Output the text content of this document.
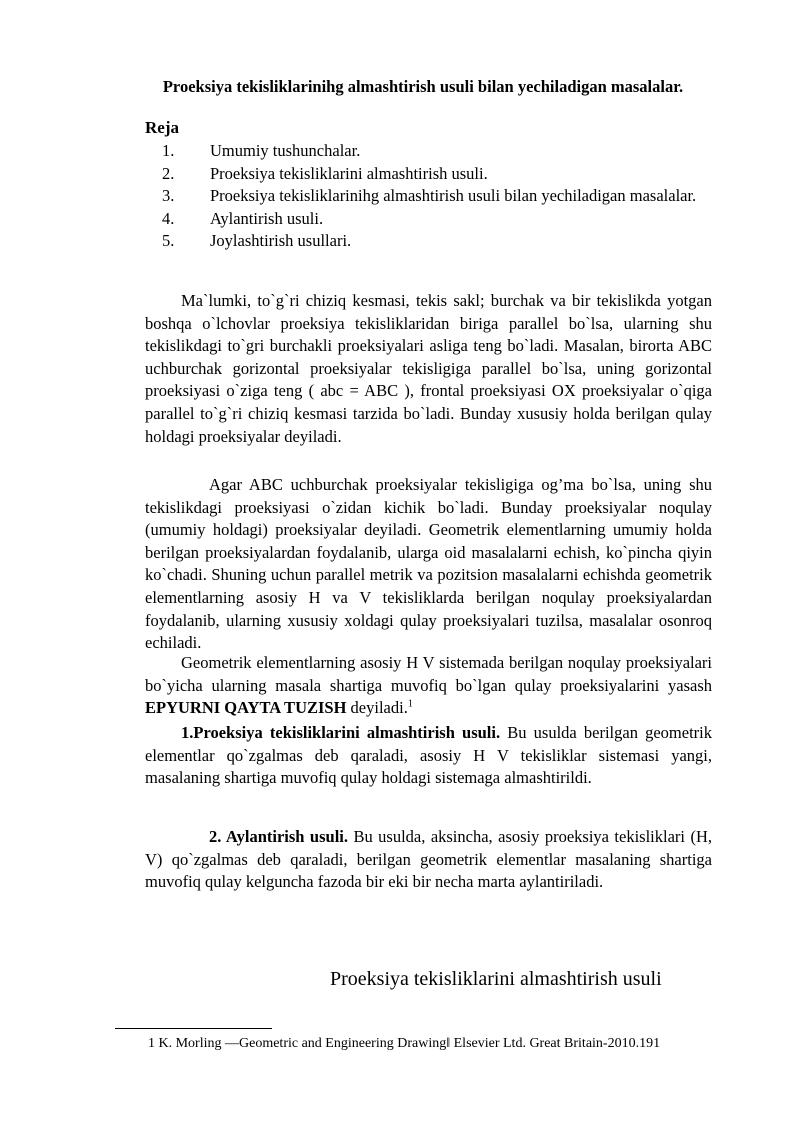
Proeksiya tekisliklarinihg almashtirish usuli bilan yechiladigan masalalar.
Reja
1. Umumiy tushunchalar.
2. Proeksiya tekisliklarini almashtirish usuli.
3. Proeksiya tekisliklarinihg almashtirish usuli bilan yechiladigan masalalar.
4. Aylantirish usuli.
5. Joylashtirish usullari.

Ma`lumki, to`g`ri chiziq kesmasi, tekis sakl; burchak va bir tekislikda yotgan boshqa o`lchovlar proeksiya tekisliklaridan biriga parallel bo`lsa, ularning shu tekislikdagi to`gri burchakli proeksiyalari asliga teng bo`ladi. Masalan, birorta ABC uchburchak gorizontal proeksiyalar tekisligiga parallel bo`lsa, uning gorizontal proeksiyasi o`ziga teng ( abc = ABC ), frontal proeksiyasi OX proeksiyalar o`qiga parallel to`g`ri chiziq kesmasi tarzida bo`ladi. Bunday xususiy holda berilgan qulay holdagi proeksiyalar deyiladi.

Agar ABC uchburchak proeksiyalar tekisligiga og’ma bo`lsa, uning shu tekislikdagi proeksiyasi o`zidan kichik bo`ladi. Bunday proeksiyalar noqulay (umumiy holdagi) proeksiyalar deyiladi. Geometrik elementlarning umumiy holda berilgan proeksiyalardan foydalanib, ularga oid masalalarni echish, ko`pincha qiyin ko`chadi. Shuning uchun parallel metrik va pozitsion masalalarni echishda geometrik elementlarning asosiy H va V tekisliklarda berilgan noqulay proeksiyalardan foydalanib, ularning xususiy xoldagi qulay proeksiyalari tuzilsa, masalalar osonroq echiladi.

Geometrik elementlarning asosiy H V sistemada berilgan noqulay proeksiyalari bo`yicha ularning masala shartiga muvofiq bo`lgan qulay proeksiyalarini yasash EPYURNI QAYTA TUZISH deyiladi.$^1$

1.Proeksiya tekisliklarini almashtirish usuli. Bu usulda berilgan geometrik elementlar qo`zgalmas deb qaraladi, asosiy H V tekisliklar sistemasi yangi, masalaning shartiga muvofiq qulay holdagi sistemaga almashtirildi.

2. Aylantirish usuli. Bu usulda, aksincha, asosiy proeksiya tekisliklari (H, V) qo`zgalmas deb qaraladi, berilgan geometrik elementlar masalaning shartiga muvofiq qulay kelguncha fazoda bir eki bir necha marta aylantiriladi.

Proeksiya tekisliklarini almashtirish usuli
1 K. Morling —Geometric and Engineering Drawing‖ Elsevier Ltd. Great Britain-2010.191
